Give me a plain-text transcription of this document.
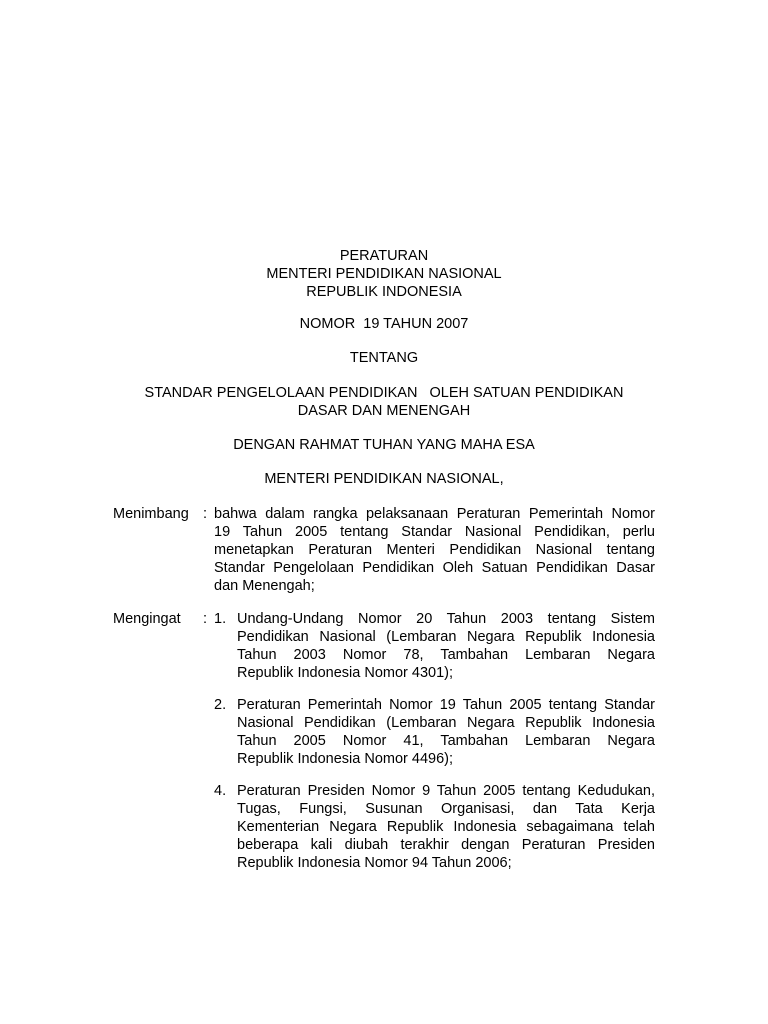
PERATURAN
MENTERI PENDIDIKAN NASIONAL
REPUBLIK INDONESIA
NOMOR  19 TAHUN 2007
TENTANG
STANDAR PENGELOLAAN PENDIDIKAN   OLEH SATUAN PENDIDIKAN
DASAR DAN MENENGAH
DENGAN RAHMAT TUHAN YANG MAHA ESA
MENTERI PENDIDIKAN NASIONAL,
Menimbang : bahwa dalam rangka pelaksanaan Peraturan Pemerintah Nomor
19 Tahun 2005 tentang Standar Nasional Pendidikan, perlu
menetapkan Peraturan Menteri Pendidikan Nasional tentang
Standar Pengelolaan Pendidikan Oleh Satuan Pendidikan Dasar
dan Menengah;
Mengingat : 1. Undang-Undang Nomor 20 Tahun 2003 tentang Sistem
Pendidikan Nasional (Lembaran Negara Republik Indonesia
Tahun 2003 Nomor 78, Tambahan Lembaran Negara
Republik Indonesia Nomor 4301);
2. Peraturan Pemerintah Nomor 19 Tahun 2005 tentang Standar
Nasional Pendidikan (Lembaran Negara Republik Indonesia
Tahun 2005 Nomor 41, Tambahan Lembaran Negara
Republik Indonesia Nomor 4496);
4. Peraturan Presiden Nomor 9 Tahun 2005 tentang Kedudukan,
Tugas, Fungsi, Susunan Organisasi, dan Tata Kerja
Kementerian Negara Republik Indonesia sebagaimana telah
beberapa kali diubah terakhir dengan Peraturan Presiden
Republik Indonesia Nomor 94 Tahun 2006;
